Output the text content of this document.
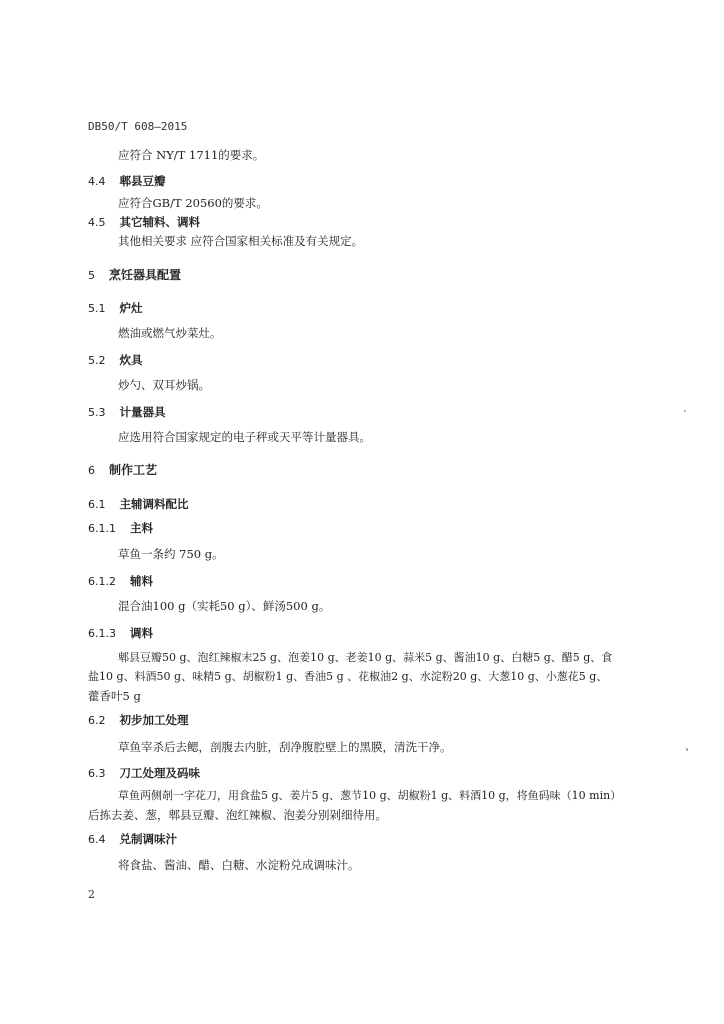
DB50/T 608—2015
应符合 NY/T 1711的要求。
4.4 郫县豆瓣
应符合GB/T 20560的要求。
4.5 其它辅料、调料
其他相关要求 应符合国家相关标准及有关规定。
5 烹饪器具配置
5.1 炉灶
燃油或燃气炒菜灶。
5.2 炊具
炒勺、双耳炒锅。
5.3 计量器具
应选用符合国家规定的电子秤或天平等计量器具。
6 制作工艺
6.1 主辅调料配比
6.1.1 主料
草鱼一条约 750 g。
6.1.2 辅料
混合油100 g（实耗50 g）、鲜汤500 g。
6.1.3 调料
郫县豆瓣50 g、泡红辣椒末25 g、泡姜10 g、老姜10 g、蒜米5 g、酱油10 g、白糖5 g、醋5 g、食
盐10 g、料酒50 g、味精5 g、胡椒粉1 g、香油5 g 、花椒油2 g、水淀粉20 g、大葱10 g、小葱花5 g、
藿香叶5 g
6.2 初步加工处理
草鱼宰杀后去鳃，剖腹去内脏，刮净腹腔壁上的黑膜，清洗干净。
6.3 刀工处理及码味
草鱼两侧剞一字花刀，用食盐5 g、姜片5 g、葱节10 g、胡椒粉1 g、料酒10 g，将鱼码味（10 min）
后拣去姜、葱，郫县豆瓣、泡红辣椒、泡姜分别剁细待用。
6.4 兑制调味汁
将食盐、酱油、醋、白糖、水淀粉兑成调味汁。
2
